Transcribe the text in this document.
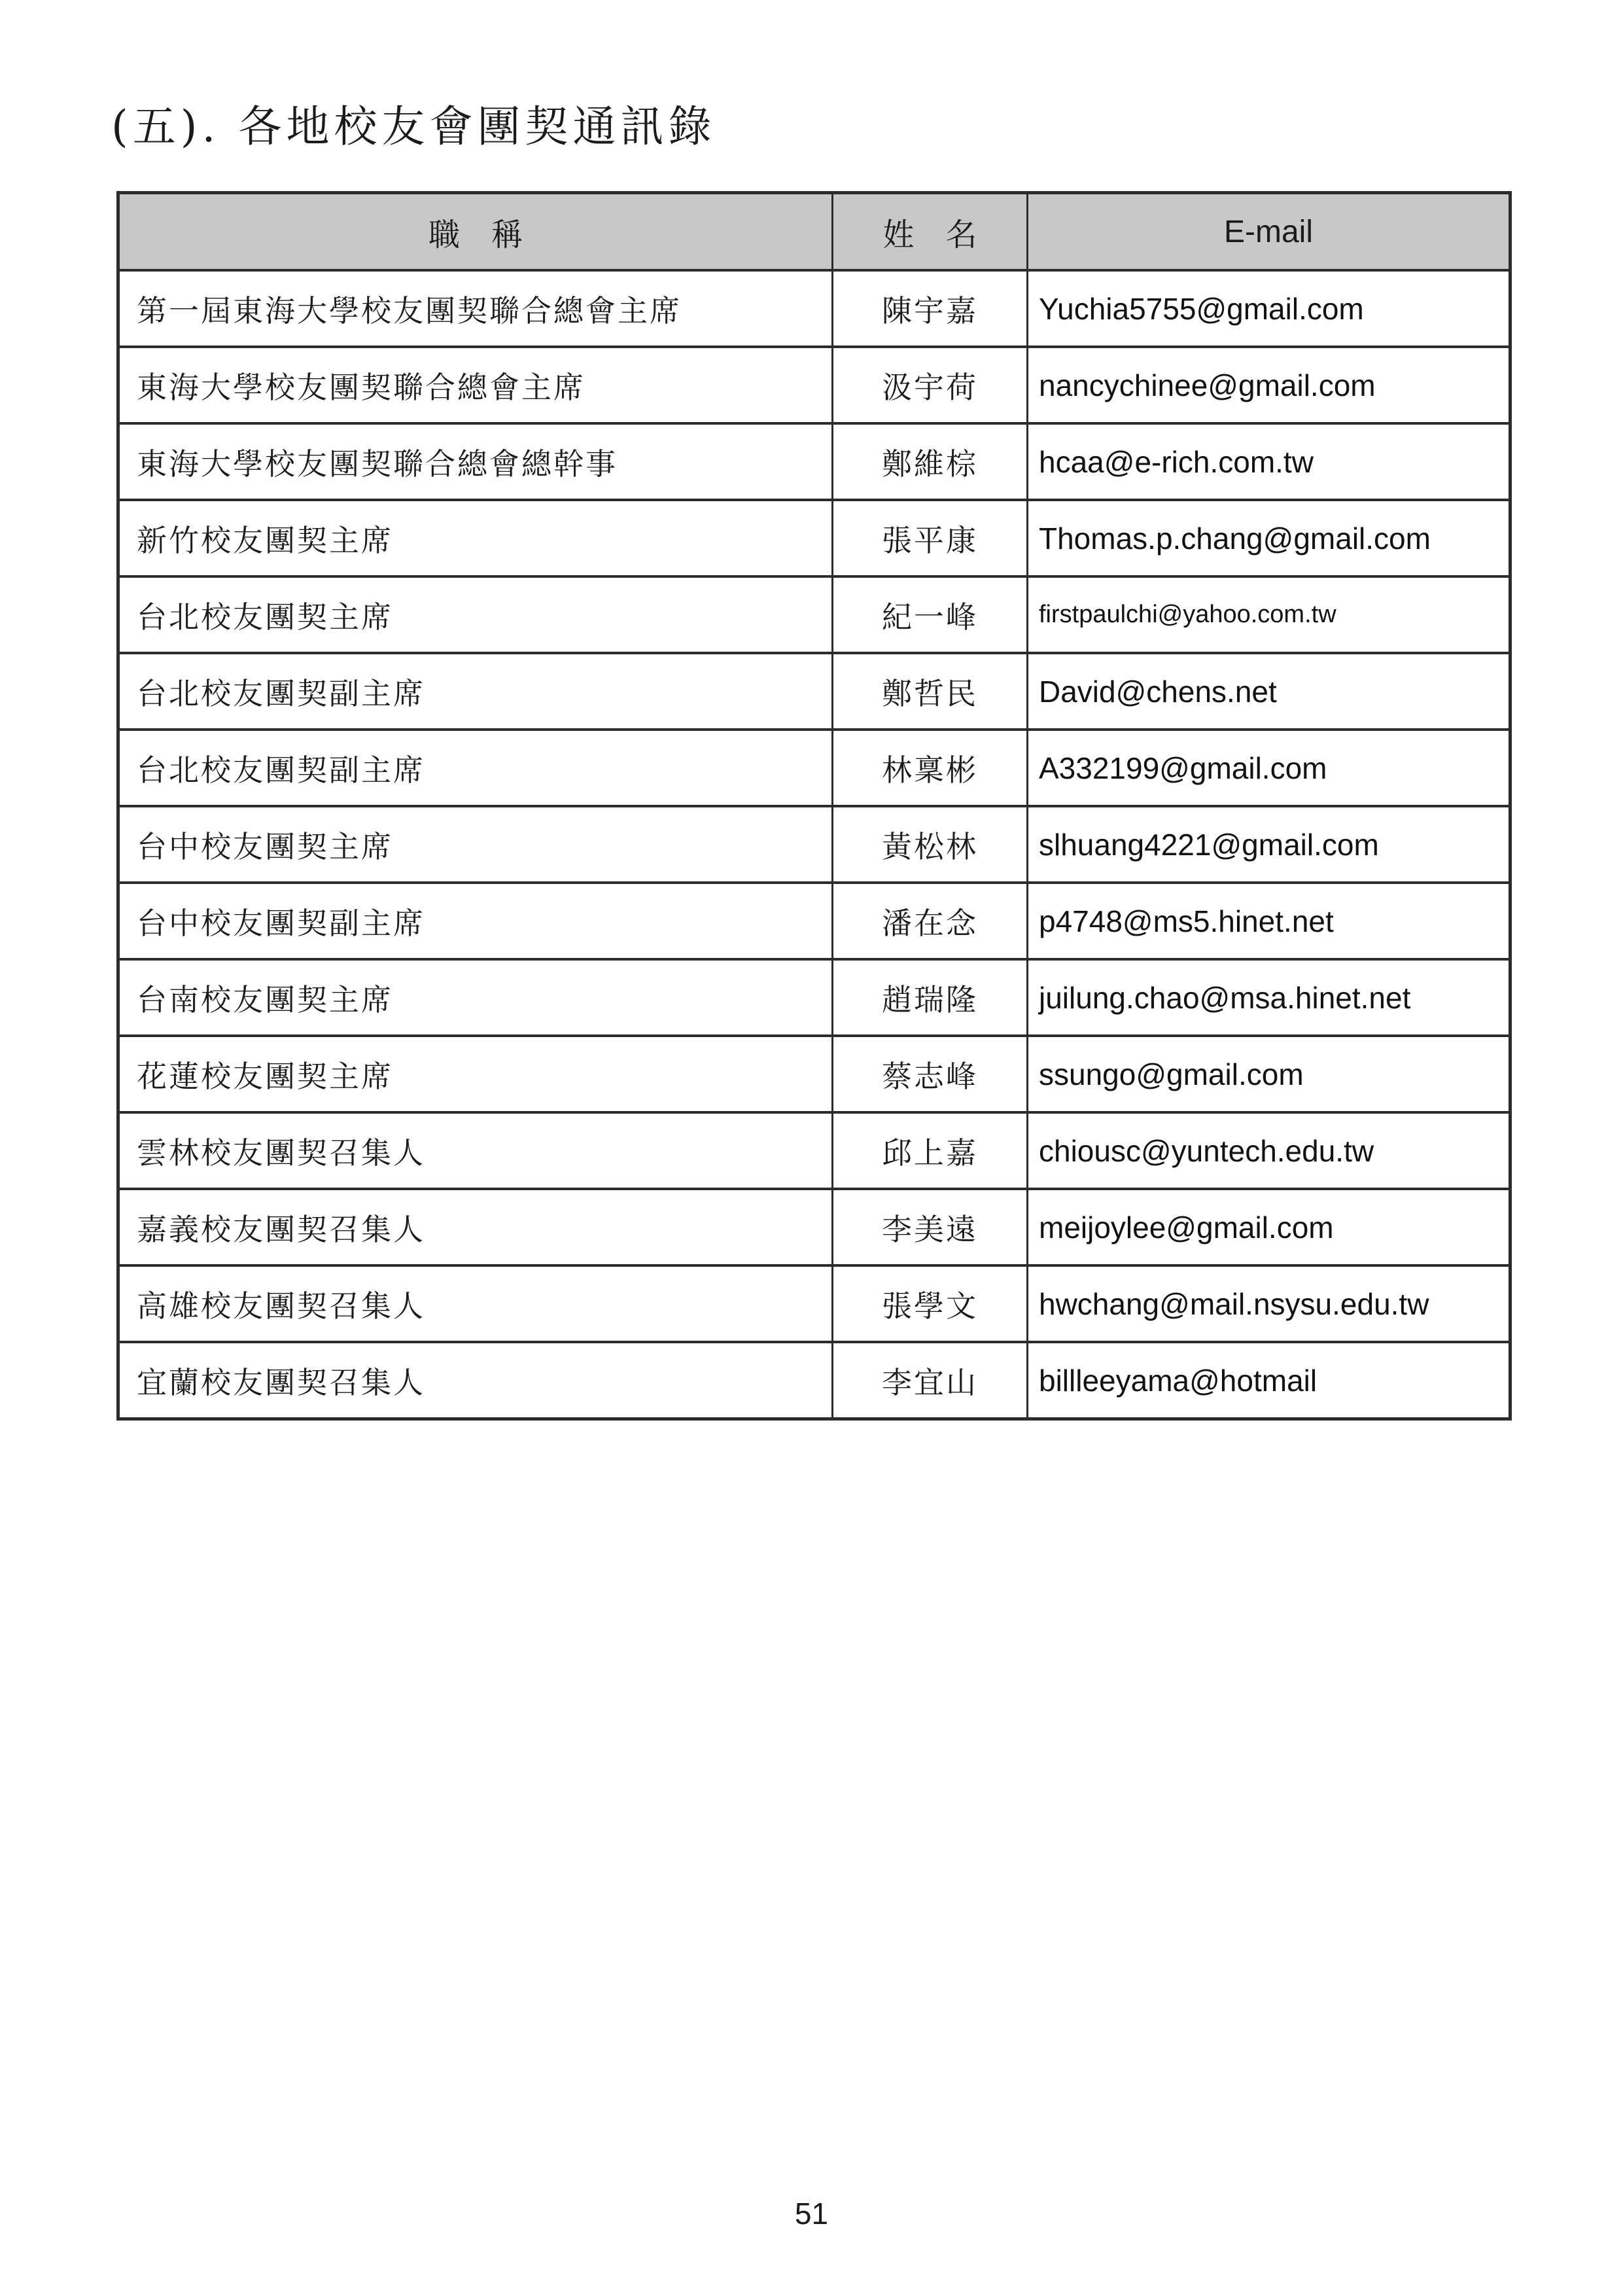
(五). 各地校友會團契通訊錄
職　稱	姓　名	E-mail
第一屆東海大學校友團契聯合總會主席	陳宇嘉	Yuchia5755@gmail.com
東海大學校友團契聯合總會主席	汲宇荷	nancychinee@gmail.com
東海大學校友團契聯合總會總幹事	鄭維棕	hcaa@e-rich.com.tw
新竹校友團契主席	張平康	Thomas.p.chang@gmail.com
台北校友團契主席	紀一峰	firstpaulchi@yahoo.com.tw
台北校友團契副主席	鄭哲民	David@chens.net
台北校友團契副主席	林稟彬	A332199@gmail.com
台中校友團契主席	黃松林	slhuang4221@gmail.com
台中校友團契副主席	潘在念	p4748@ms5.hinet.net
台南校友團契主席	趙瑞隆	juilung.chao@msa.hinet.net
花蓮校友團契主席	蔡志峰	ssungo@gmail.com
雲林校友團契召集人	邱上嘉	chiousc@yuntech.edu.tw
嘉義校友團契召集人	李美遠	meijoylee@gmail.com
高雄校友團契召集人	張學文	hwchang@mail.nsysu.edu.tw
宜蘭校友團契召集人	李宜山	billleeyama@hotmail
51
